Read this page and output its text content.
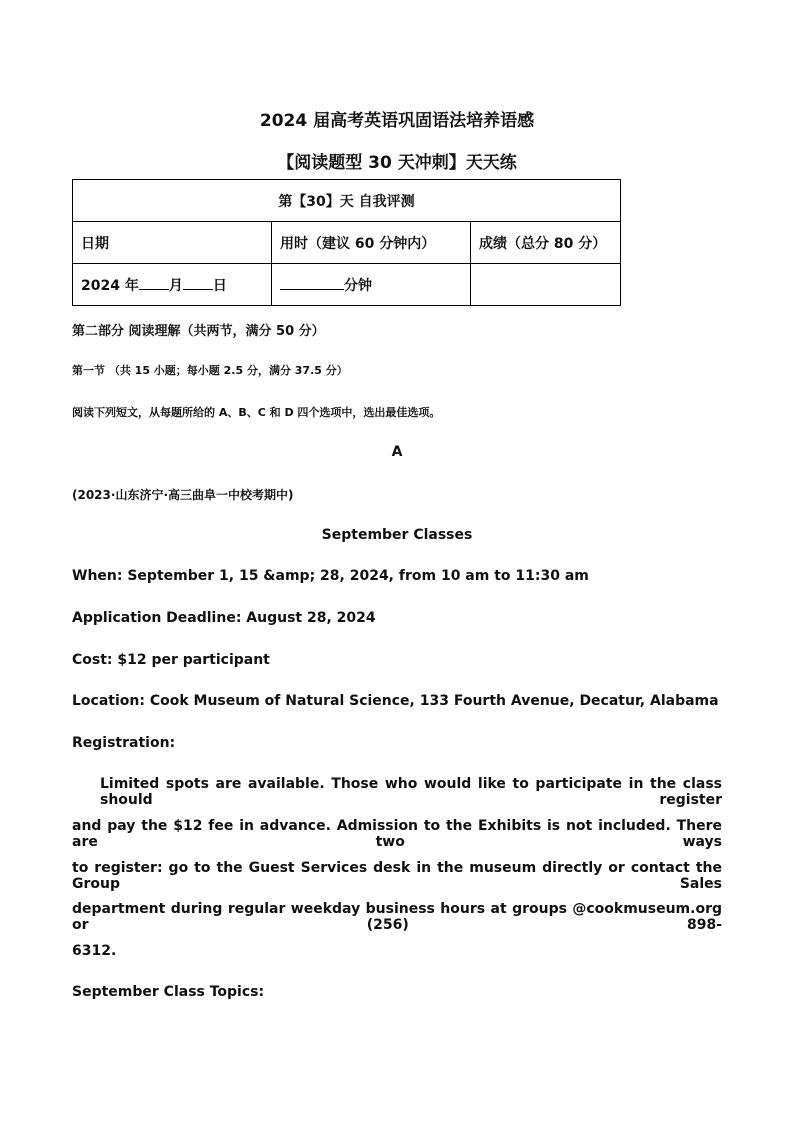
2024 届高考英语巩固语法培养语感
【阅读题型 30 天冲刺】天天练
第【30】天 自我评测		
日期	用时（建议 60 分钟内）	成绩（总分 80 分）
2024 年 月 日	分钟	
第二部分 阅读理解（共两节，满分 50 分）
第一节 （共 15 小题；每小题 2.5 分，满分 37.5 分）
阅读下列短文，从每题所给的 A、B、C 和 D 四个选项中，选出最佳选项。
A
(2023·山东济宁·高三曲阜一中校考期中)
September Classes
When: September 1, 15 &amp; 28, 2024, from 10 am to 11:30 am
Application Deadline: August 28, 2024
Cost: $12 per participant
Location: Cook Museum of Natural Science, 133 Fourth Avenue, Decatur, Alabama
Registration:
Limited spots are available. Those who would like to participate in the class should register
and pay the $12 fee in advance. Admission to the Exhibits is not included. There are two ways
to register: go to the Guest Services desk in the museum directly or contact the Group Sales
department during regular weekday business hours at groups @cookmuseum.org or (256) 898-
6312.
September Class Topics:
